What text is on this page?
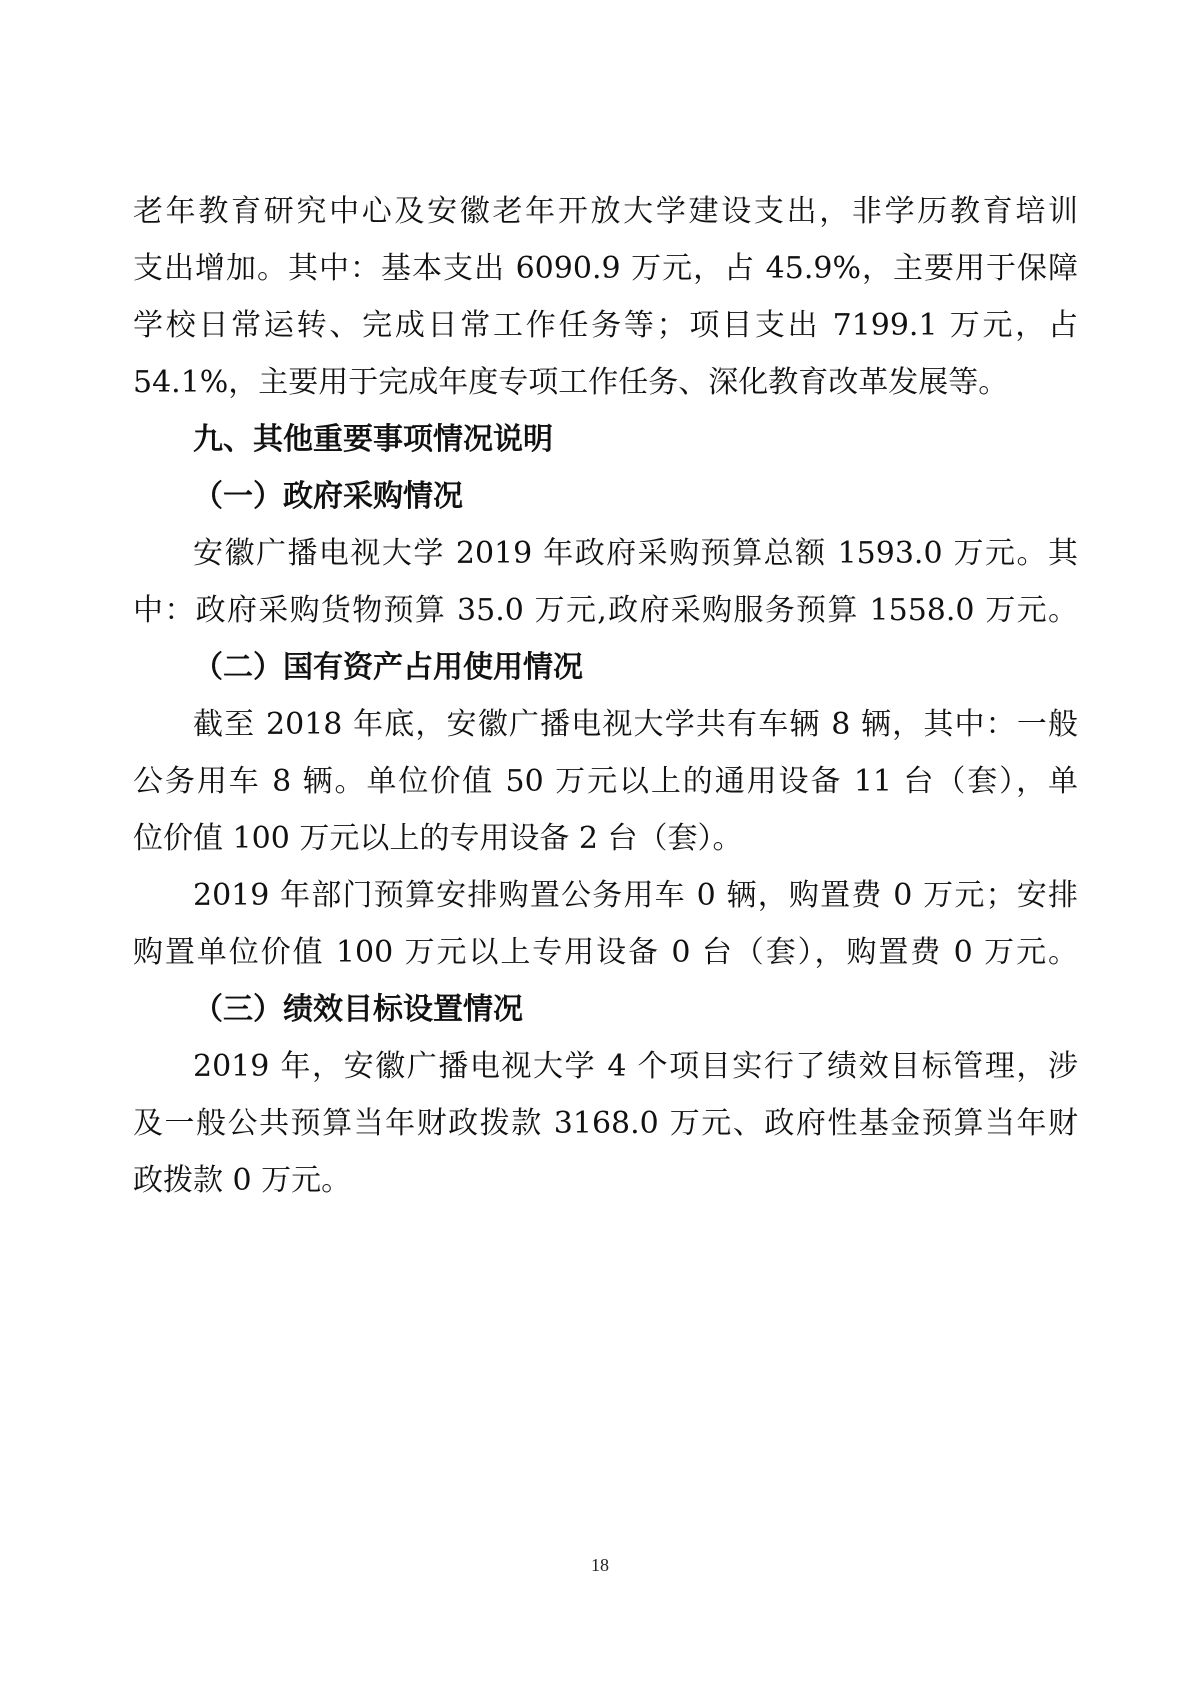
老年教育研究中心及安徽老年开放大学建设支出，非学历教育培训
支出增加。其中：基本支出 6090.9 万元，占 45.9%，主要用于保障
学校日常运转、完成日常工作任务等；项目支出 7199.1 万元，占
54.1%，主要用于完成年度专项工作任务、深化教育改革发展等。
九、其他重要事项情况说明
（一）政府采购情况
安徽广播电视大学 2019 年政府采购预算总额 1593.0 万元。其
中：政府采购货物预算 35.0 万元,政府采购服务预算 1558.0 万元。
（二）国有资产占用使用情况
截至 2018 年底，安徽广播电视大学共有车辆 8 辆，其中：一般
公务用车 8 辆。单位价值 50 万元以上的通用设备 11 台（套），单
位价值 100 万元以上的专用设备 2 台（套）。
2019 年部门预算安排购置公务用车 0 辆，购置费 0 万元；安排
购置单位价值 100 万元以上专用设备 0 台（套），购置费 0 万元。
（三）绩效目标设置情况
2019 年，安徽广播电视大学 4 个项目实行了绩效目标管理，涉
及一般公共预算当年财政拨款 3168.0 万元、政府性基金预算当年财
政拨款 0 万元。
18
